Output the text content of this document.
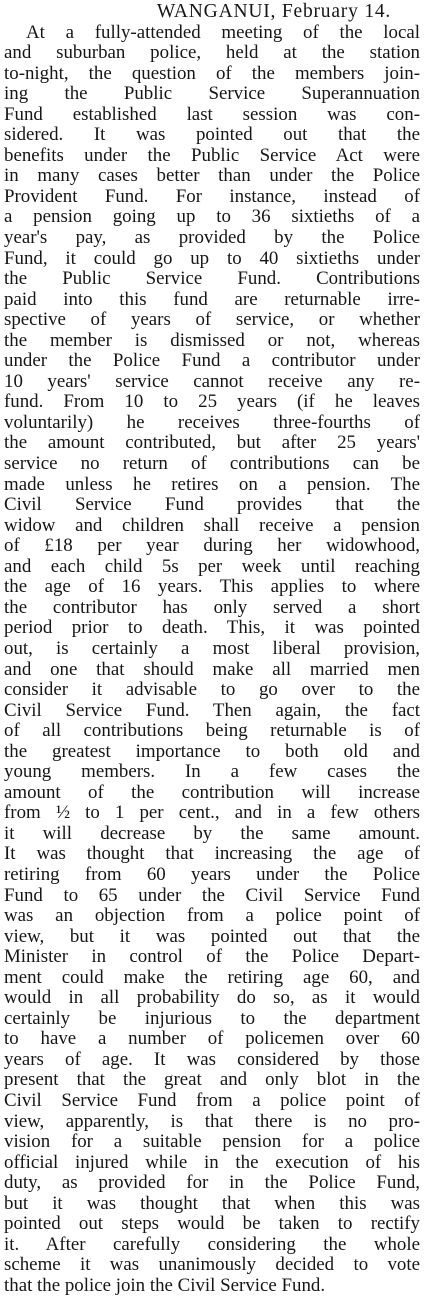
WANGANUI, February 14.

At a fully-attended meeting of the local
and suburban police, held at the station
to-night, the question of the members join-
ing the Public Service Superannuation
Fund established last session was con-
sidered. It was pointed out that the
benefits under the Public Service Act were
in many cases better than under the Police
Provident Fund. For instance, instead of
a pension going up to 36 sixtieths of a
year's pay, as provided by the Police
Fund, it could go up to 40 sixtieths under
the Public Service Fund. Contributions
paid into this fund are returnable irre-
spective of years of service, or whether
the member is dismissed or not, whereas
under the Police Fund a contributor under
10 years' service cannot receive any re-
fund. From 10 to 25 years (if he leaves
voluntarily) he receives three-fourths of
the amount contributed, but after 25 years'
service no return of contributions can be
made unless he retires on a pension. The
Civil Service Fund provides that the
widow and children shall receive a pension
of £18 per year during her widowhood,
and each child 5s per week until reaching
the age of 16 years. This applies to where
the contributor has only served a short
period prior to death. This, it was pointed
out, is certainly a most liberal provision,
and one that should make all married men
consider it advisable to go over to the
Civil Service Fund. Then again, the fact
of all contributions being returnable is of
the greatest importance to both old and
young members. In a few cases the
amount of the contribution will increase
from ½ to 1 per cent., and in a few others
it will decrease by the same amount.
It was thought that increasing the age of
retiring from 60 years under the Police
Fund to 65 under the Civil Service Fund
was an objection from a police point of
view, but it was pointed out that the
Minister in control of the Police Depart-
ment could make the retiring age 60, and
would in all probability do so, as it would
certainly be injurious to the department
to have a number of policemen over 60
years of age. It was considered by those
present that the great and only blot in the
Civil Service Fund from a police point of
view, apparently, is that there is no pro-
vision for a suitable pension for a police
official injured while in the execution of his
duty, as provided for in the Police Fund,
but it was thought that when this was
pointed out steps would be taken to rectify
it. After carefully considering the whole
scheme it was unanimously decided to vote
that the police join the Civil Service Fund.
